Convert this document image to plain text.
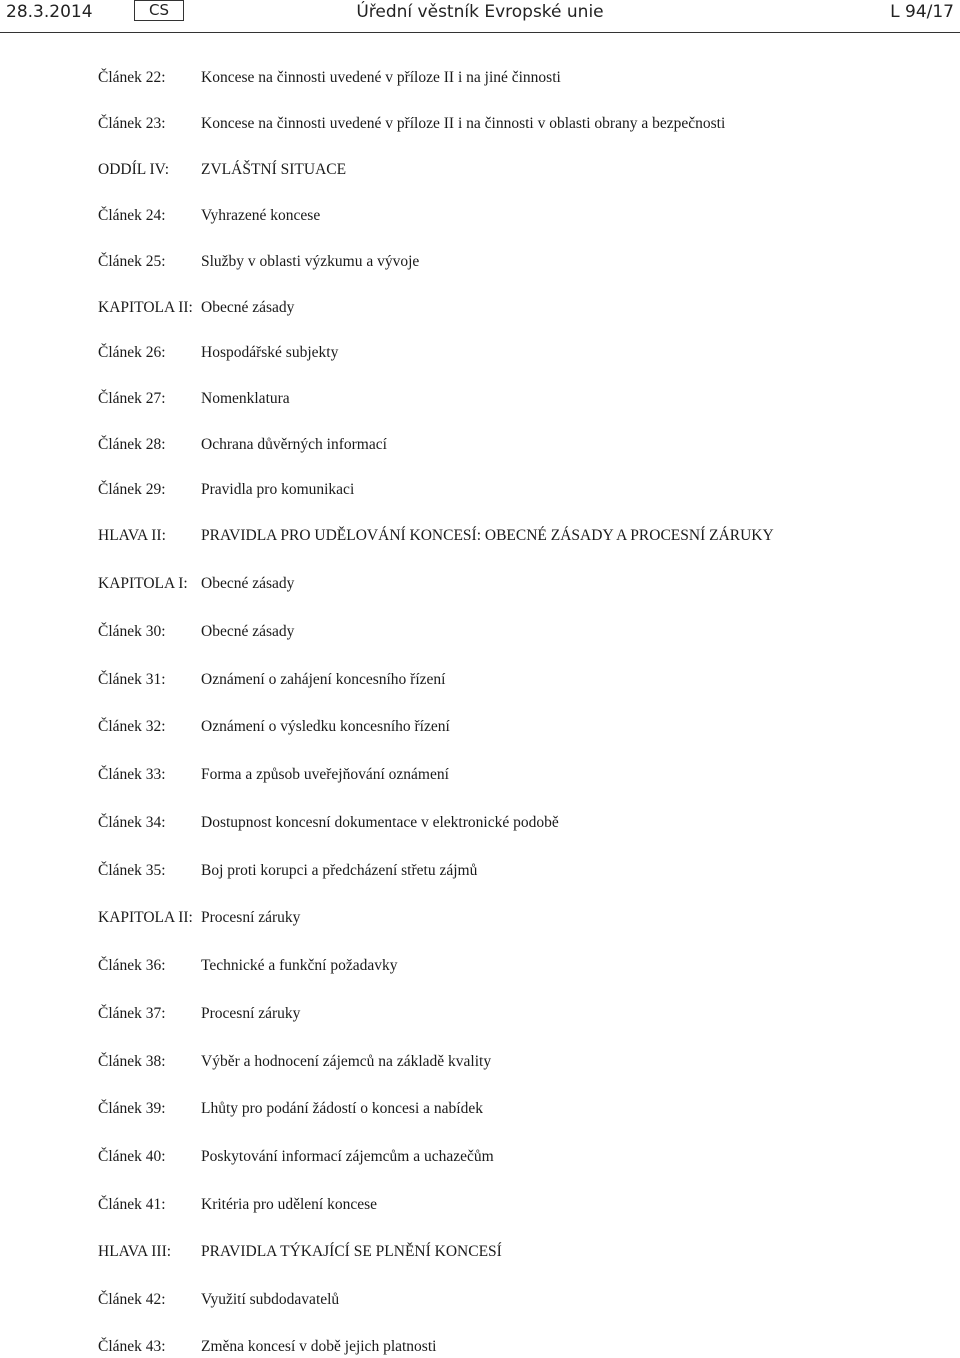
28.3.2014	CS	Úřední věstník Evropské unie	L 94/17
Článek 22: Koncese na činnosti uvedené v příloze II i na jiné činnosti
Článek 23: Koncese na činnosti uvedené v příloze II i na činnosti v oblasti obrany a bezpečnosti
ODDÍL IV: ZVLÁŠTNÍ SITUACE
Článek 24: Vyhrazené koncese
Článek 25: Služby v oblasti výzkumu a vývoje
KAPITOLA II: Obecné zásady
Článek 26: Hospodářské subjekty
Článek 27: Nomenklatura
Článek 28: Ochrana důvěrných informací
Článek 29: Pravidla pro komunikaci
HLAVA II: PRAVIDLA PRO UDĚLOVÁNÍ KONCESÍ: OBECNÉ ZÁSADY A PROCESNÍ ZÁRUKY
KAPITOLA I: Obecné zásady
Článek 30: Obecné zásady
Článek 31: Oznámení o zahájení koncesního řízení
Článek 32: Oznámení o výsledku koncesního řízení
Článek 33: Forma a způsob uveřejňování oznámení
Článek 34: Dostupnost koncesní dokumentace v elektronické podobě
Článek 35: Boj proti korupci a předcházení střetu zájmů
KAPITOLA II: Procesní záruky
Článek 36: Technické a funkční požadavky
Článek 37: Procesní záruky
Článek 38: Výběr a hodnocení zájemců na základě kvality
Článek 39: Lhůty pro podání žádostí o koncesi a nabídek
Článek 40: Poskytování informací zájemcům a uchazečům
Článek 41: Kritéria pro udělení koncese
HLAVA III: PRAVIDLA TÝKAJÍCÍ SE PLNĚNÍ KONCESÍ
Článek 42: Využití subdodavatelů
Článek 43: Změna koncesí v době jejich platnosti
